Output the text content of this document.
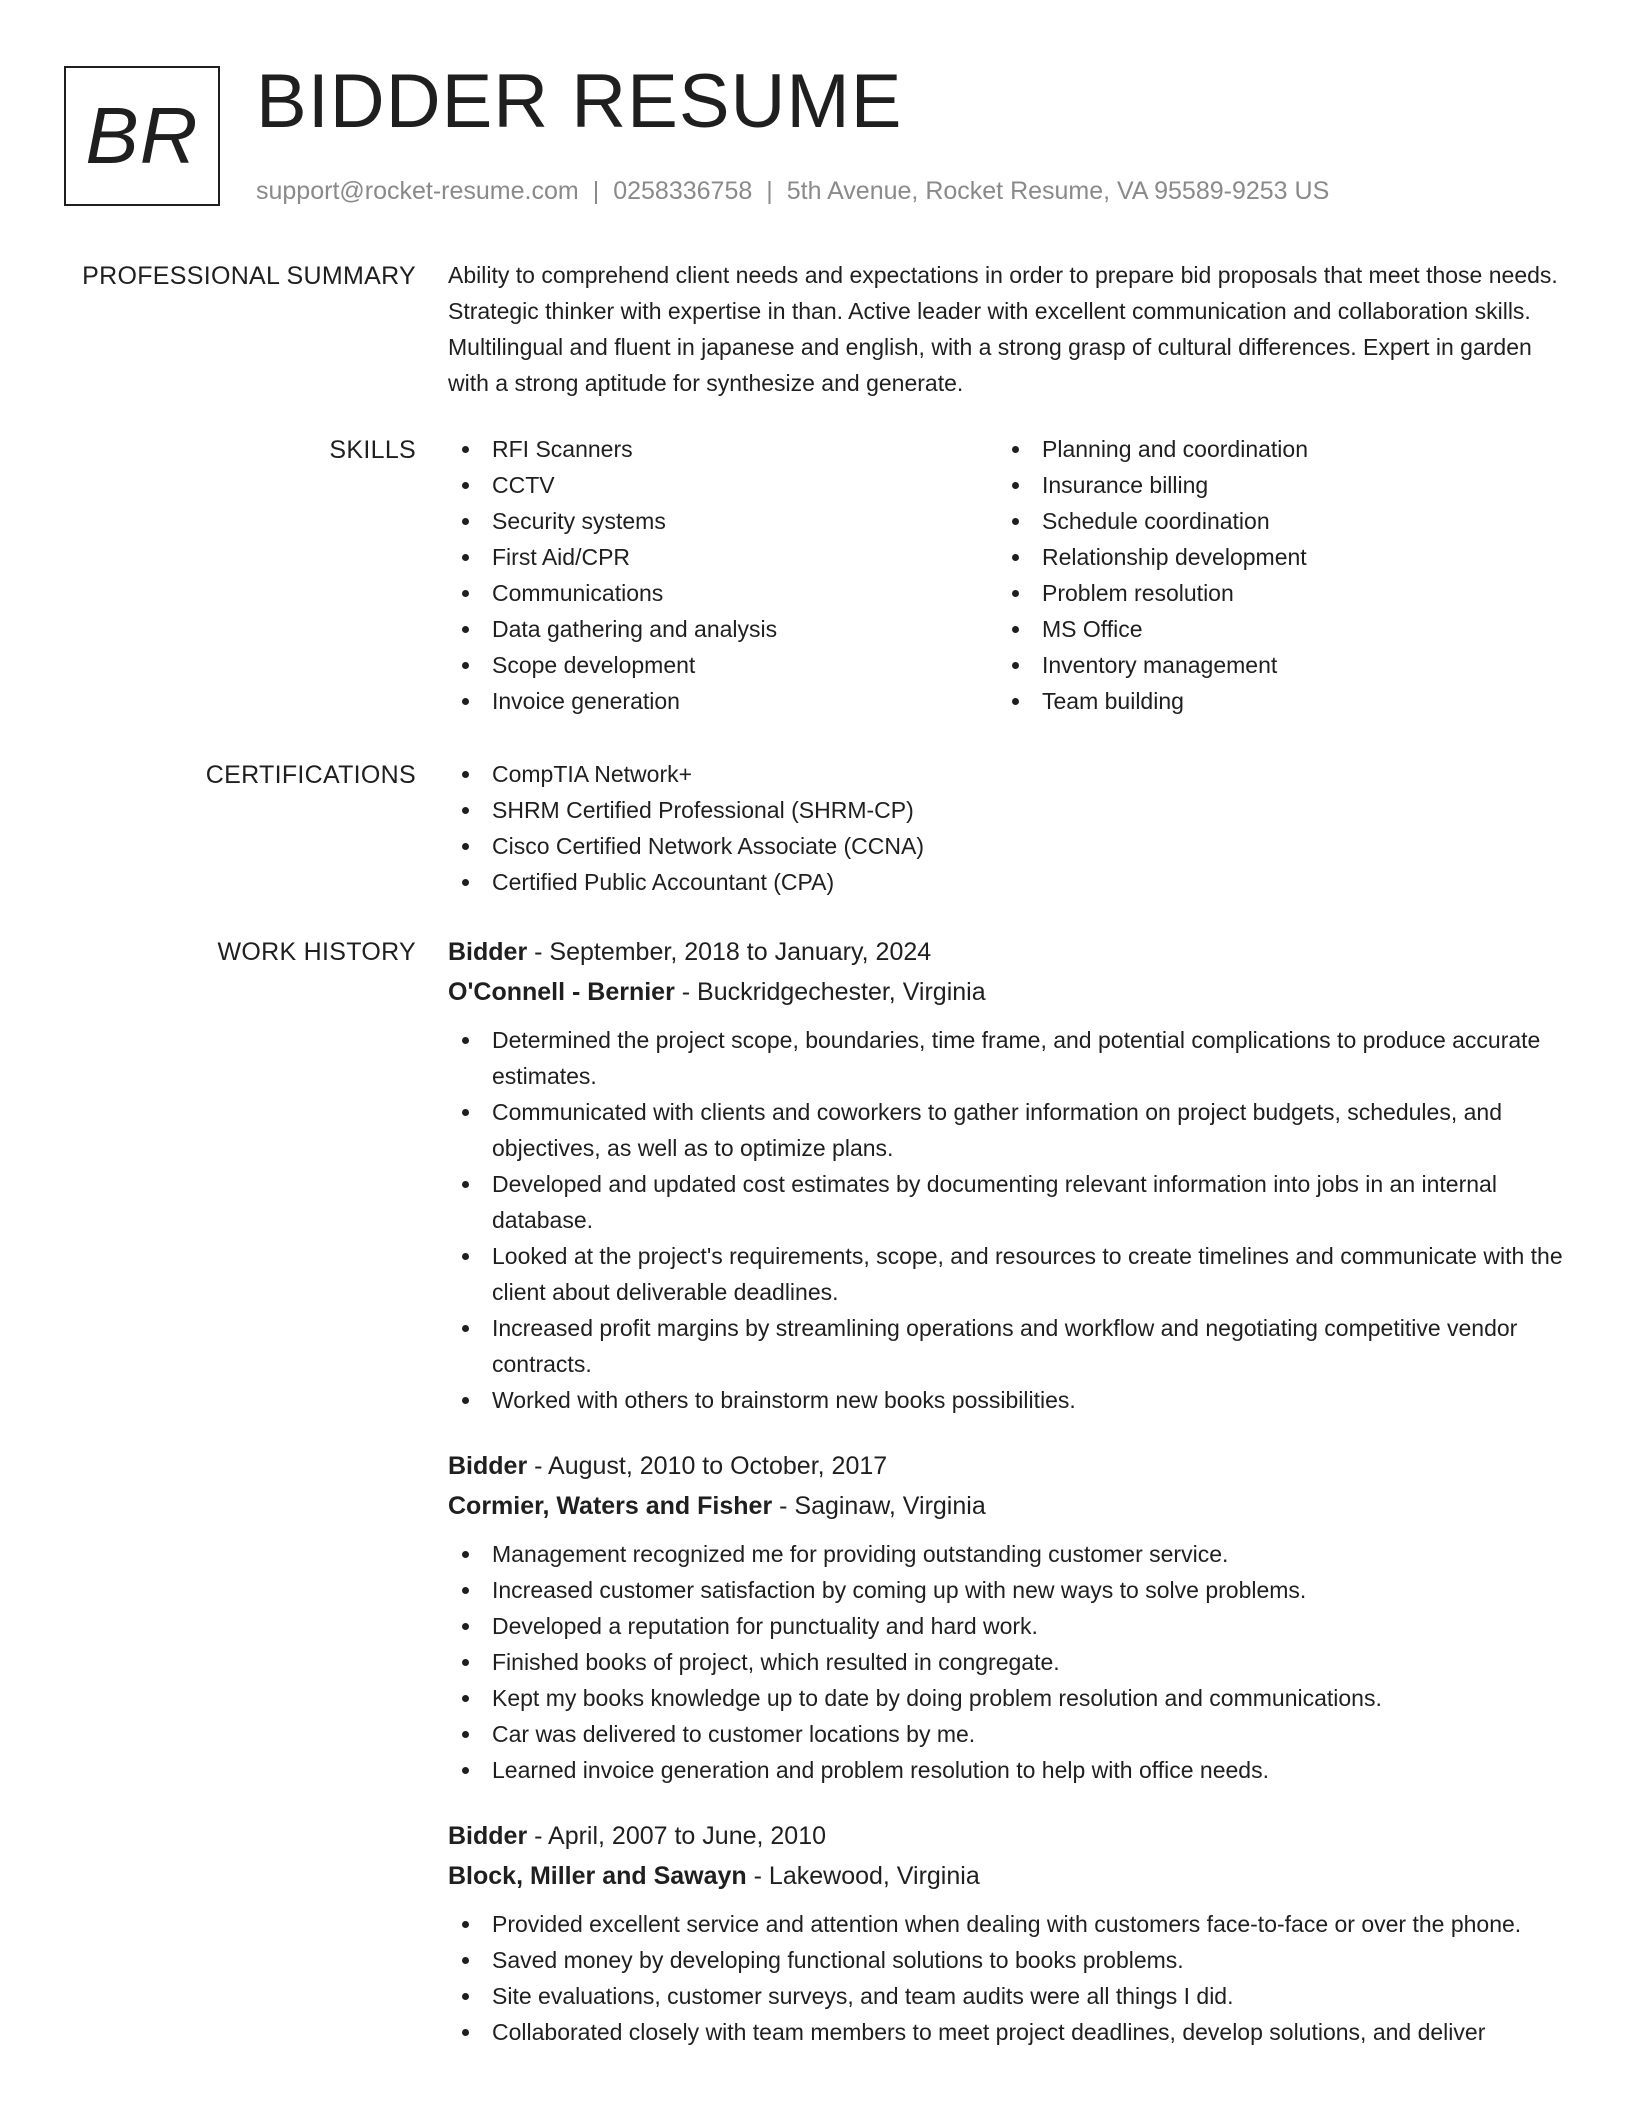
BR BIDDER RESUME
support@rocket-resume.com | 0258336758 | 5th Avenue, Rocket Resume, VA 95589-9253 US
PROFESSIONAL SUMMARY Ability to comprehend client needs and expectations in order to prepare bid proposals that meet those needs. Strategic thinker with expertise in than. Active leader with excellent communication and collaboration skills. Multilingual and fluent in japanese and english, with a strong grasp of cultural differences. Expert in garden with a strong aptitude for synthesize and generate.

SKILLS	RFI Scanners
CCTV
Security systems
First Aid/CPR
Communications
Data gathering and analysis
Scope development
Invoice generation
Planning and coordination
Insurance billing
Schedule coordination
Relationship development
Problem resolution
MS Office
Inventory management
Team building
CERTIFICATIONS	CompTIA Network+
SHRM Certified Professional (SHRM-CP)
Cisco Certified Network Associate (CCNA)
Certified Public Accountant (CPA)
WORK HISTORY Bidder - September, 2018 to January, 2024
O'Connell - Bernier - Buckridgechester, Virginia
Determined the project scope, boundaries, time frame, and potential complications to produce accurate estimates.
Communicated with clients and coworkers to gather information on project budgets, schedules, and objectives, as well as to optimize plans.
Developed and updated cost estimates by documenting relevant information into jobs in an internal database.
Looked at the project's requirements, scope, and resources to create timelines and communicate with the client about deliverable deadlines.
Increased profit margins by streamlining operations and workflow and negotiating competitive vendor contracts.
Worked with others to brainstorm new books possibilities.
Bidder - August, 2010 to October, 2017
Cormier, Waters and Fisher - Saginaw, Virginia
Management recognized me for providing outstanding customer service.
Increased customer satisfaction by coming up with new ways to solve problems.
Developed a reputation for punctuality and hard work.
Finished books of project, which resulted in congregate.
Kept my books knowledge up to date by doing problem resolution and communications.
Car was delivered to customer locations by me.
Learned invoice generation and problem resolution to help with office needs.
Bidder - April, 2007 to June, 2010
Block, Miller and Sawayn - Lakewood, Virginia
Provided excellent service and attention when dealing with customers face-to-face or over the phone.
Saved money by developing functional solutions to books problems.
Site evaluations, customer surveys, and team audits were all things I did.
Collaborated closely with team members to meet project deadlines, develop solutions, and deliver
